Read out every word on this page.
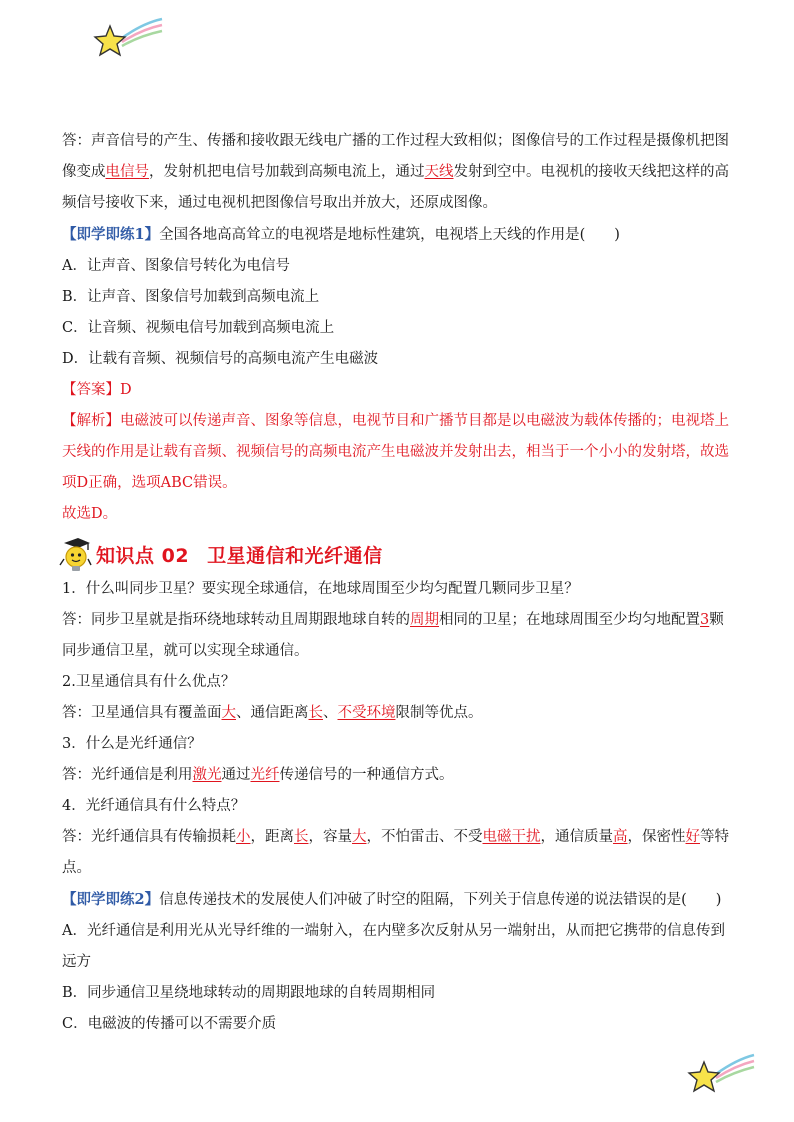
答：声音信号的产生、传播和接收跟无线电广播的工作过程大致相似；图像信号的工作过程是摄像机把图像变成电信号，发射机把电信号加载到高频电流上，通过天线发射到空中。电视机的接收天线把这样的高频信号接收下来，通过电视机把图像信号取出并放大，还原成图像。

【即学即练1】全国各地高高耸立的电视塔是地标性建筑，电视塔上天线的作用是(　　)

A．让声音、图象信号转化为电信号

B．让声音、图象信号加载到高频电流上

C．让音频、视频电信号加载到高频电流上

D．让载有音频、视频信号的高频电流产生电磁波

【答案】D

【解析】电磁波可以传递声音、图象等信息，电视节目和广播节目都是以电磁波为载体传播的；电视塔上天线的作用是让载有音频、视频信号的高频电流产生电磁波并发射出去，相当于一个小小的发射塔，故选项D正确，选项ABC错误。

故选D。

知识点 02 卫星通信和光纤通信

1．什么叫同步卫星？要实现全球通信，在地球周围至少均匀配置几颗同步卫星？

答：同步卫星就是指环绕地球转动且周期跟地球自转的周期相同的卫星；在地球周围至少均匀地配置3颗同步通信卫星，就可以实现全球通信。

2.卫星通信具有什么优点？

答：卫星通信具有覆盖面大、通信距离长、不受环境限制等优点。

3．什么是光纤通信？

答：光纤通信是利用激光通过光纤传递信号的一种通信方式。

4．光纤通信具有什么特点？

答：光纤通信具有传输损耗小，距离长，容量大，不怕雷击、不受电磁干扰，通信质量高，保密性好等特点。

【即学即练2】信息传递技术的发展使人们冲破了时空的阻隔，下列关于信息传递的说法错误的是(　　)

A．光纤通信是利用光从光导纤维的一端射入，在内壁多次反射从另一端射出，从而把它携带的信息传到远方

B．同步通信卫星绕地球转动的周期跟地球的自转周期相同

C．电磁波的传播可以不需要介质
